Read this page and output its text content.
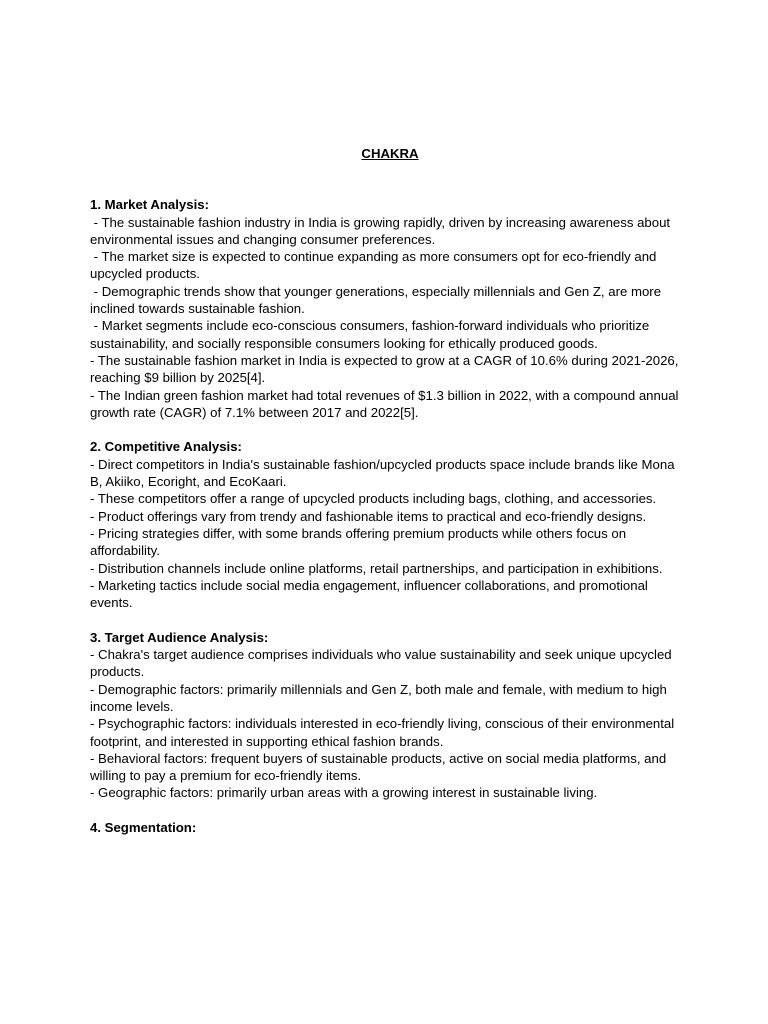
CHAKRA

1. Market Analysis:

- The sustainable fashion industry in India is growing rapidly, driven by increasing awareness about environmental issues and changing consumer preferences.

- The market size is expected to continue expanding as more consumers opt for eco-friendly and upcycled products.

- Demographic trends show that younger generations, especially millennials and Gen Z, are more inclined towards sustainable fashion.

- Market segments include eco-conscious consumers, fashion-forward individuals who prioritize sustainability, and socially responsible consumers looking for ethically produced goods.

- The sustainable fashion market in India is expected to grow at a CAGR of 10.6% during 2021-2026, reaching $9 billion by 2025[4].

- The Indian green fashion market had total revenues of $1.3 billion in 2022, with a compound annual growth rate (CAGR) of 7.1% between 2017 and 2022[5].

2. Competitive Analysis:

- Direct competitors in India's sustainable fashion/upcycled products space include brands like Mona B, Akiiko, Ecoright, and EcoKaari.

- These competitors offer a range of upcycled products including bags, clothing, and accessories.

- Product offerings vary from trendy and fashionable items to practical and eco-friendly designs.

- Pricing strategies differ, with some brands offering premium products while others focus on affordability.

- Distribution channels include online platforms, retail partnerships, and participation in exhibitions.

- Marketing tactics include social media engagement, influencer collaborations, and promotional events.

3. Target Audience Analysis:

- Chakra's target audience comprises individuals who value sustainability and seek unique upcycled products.

- Demographic factors: primarily millennials and Gen Z, both male and female, with medium to high income levels.

- Psychographic factors: individuals interested in eco-friendly living, conscious of their environmental footprint, and interested in supporting ethical fashion brands.

- Behavioral factors: frequent buyers of sustainable products, active on social media platforms, and willing to pay a premium for eco-friendly items.

- Geographic factors: primarily urban areas with a growing interest in sustainable living.

4. Segmentation:
